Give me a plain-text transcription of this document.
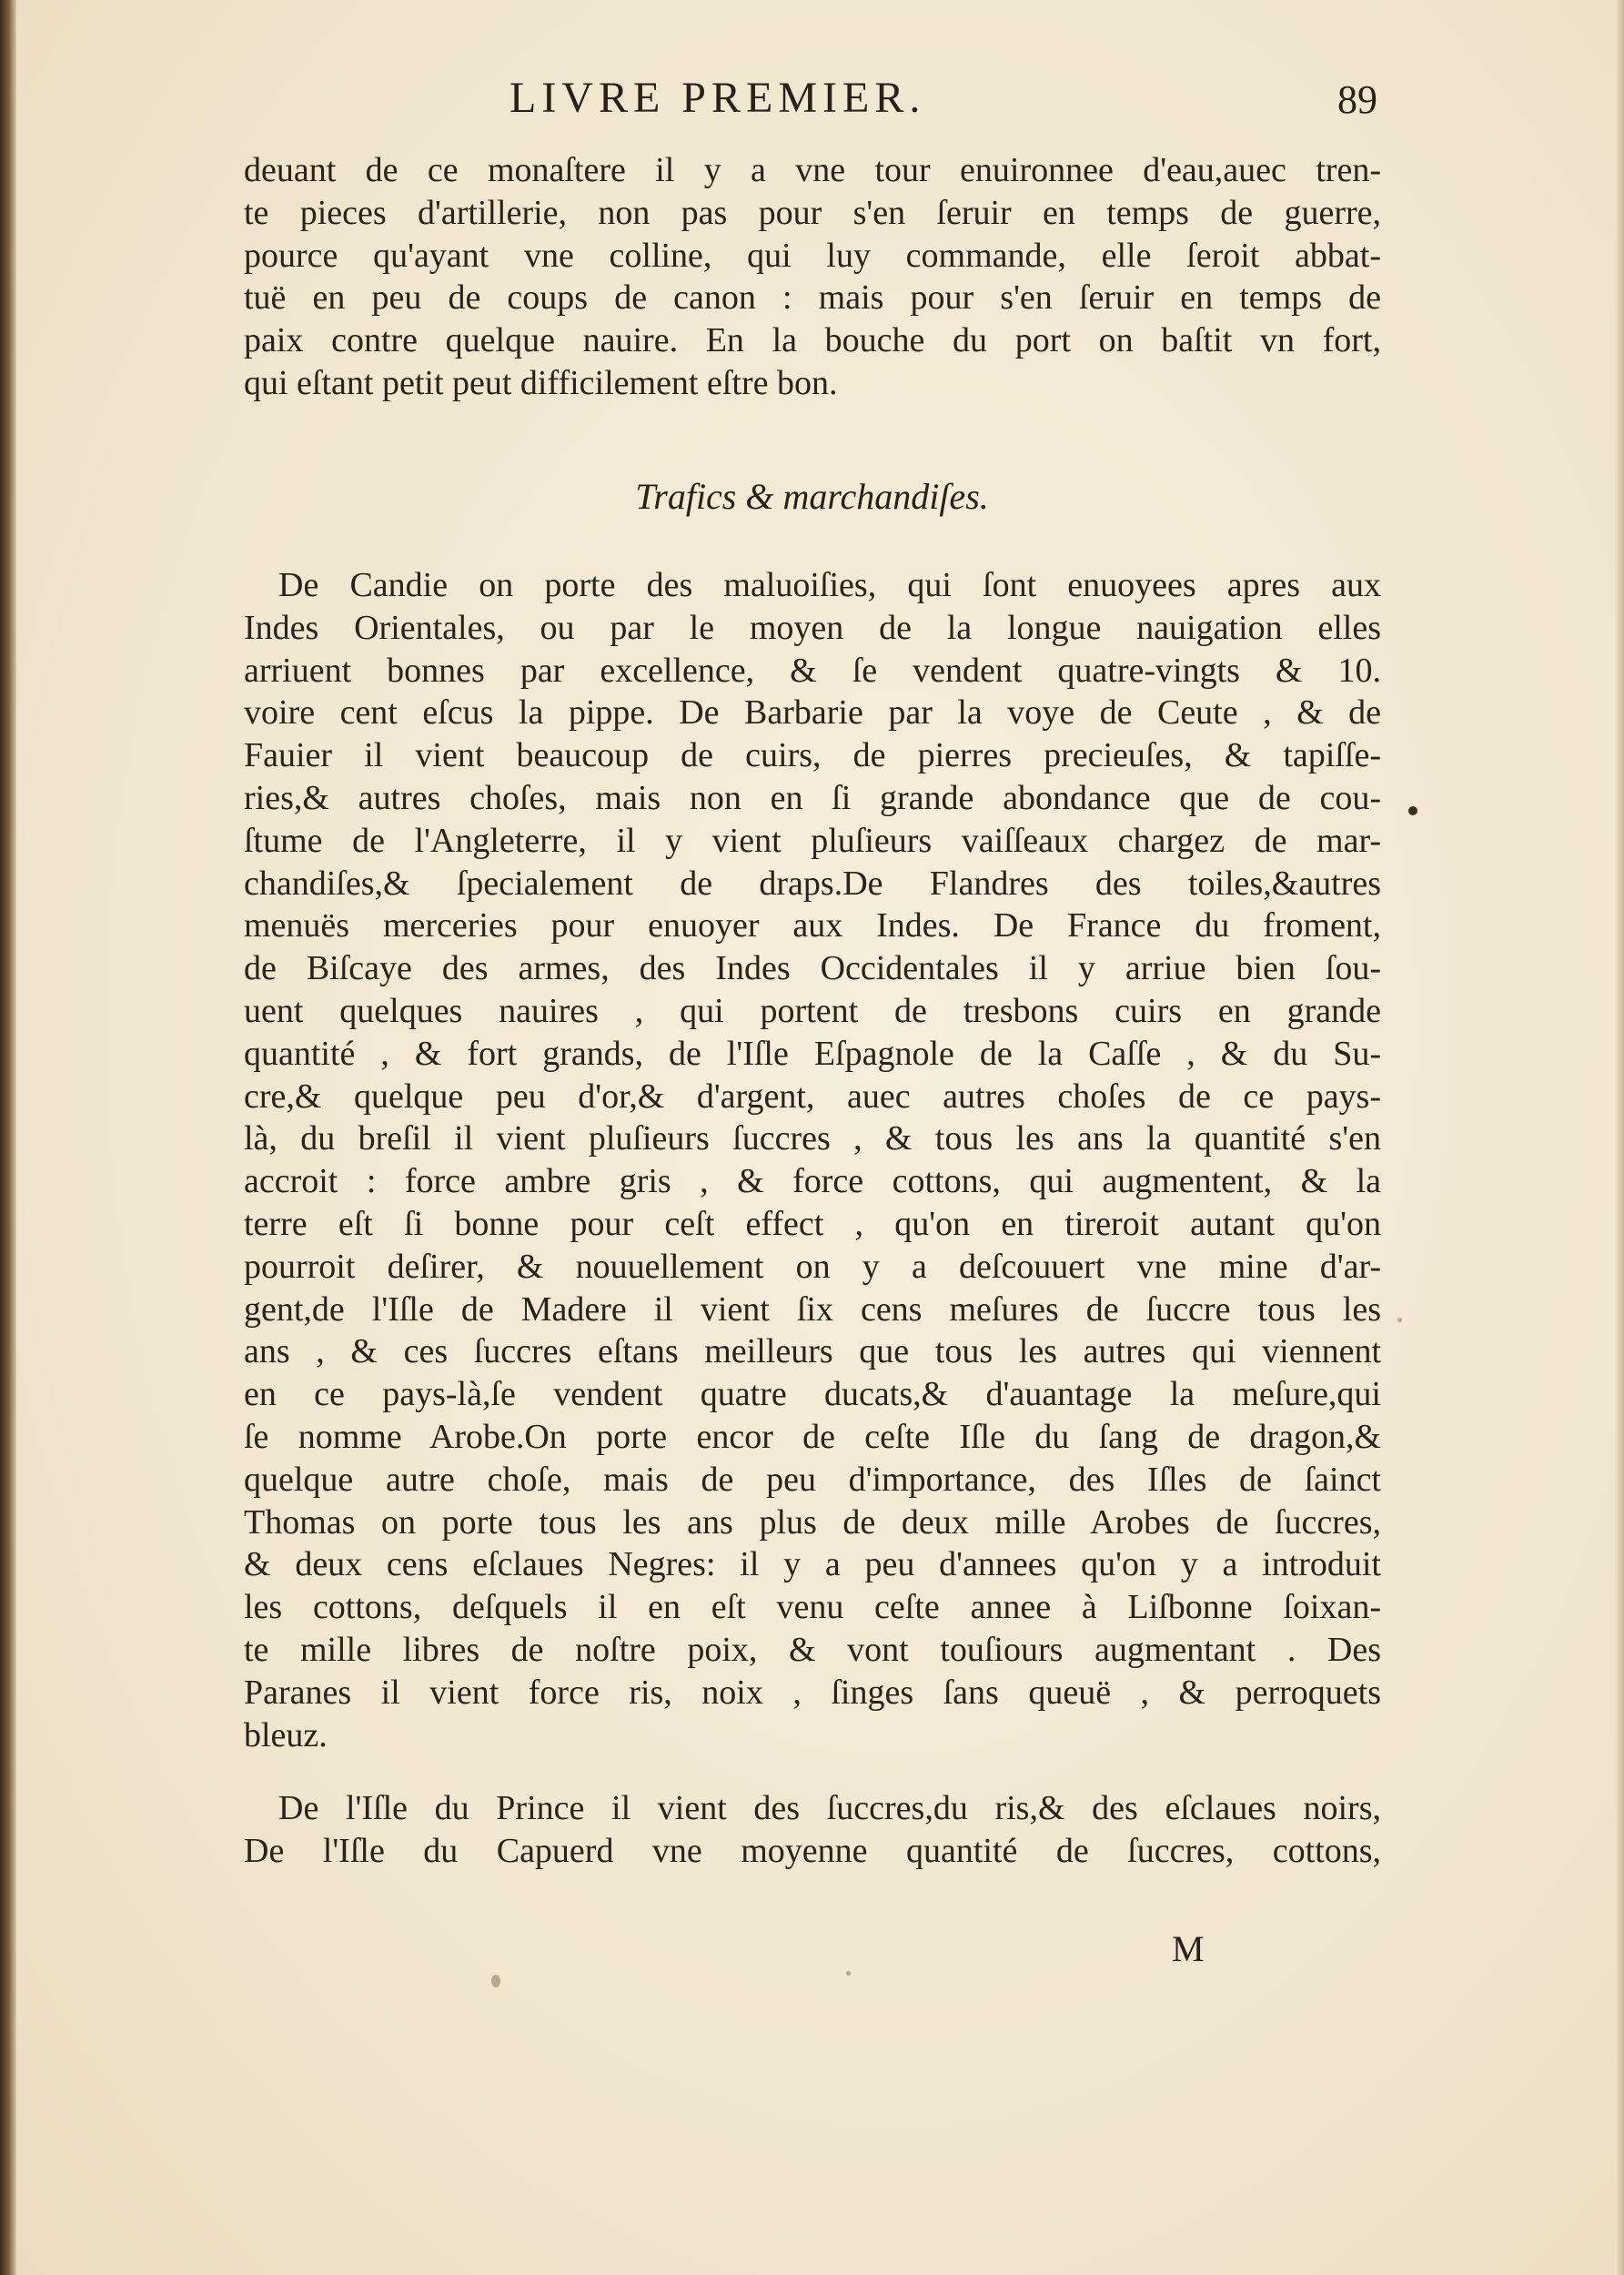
LIVRE PREMIER.	89
deuant de ce monaſtere il y a vne tour enuironnee d'eau,auec tren-
te pieces d'artillerie, non pas pour s'en ſeruir en temps de guerre,
pource qu'ayant vne colline, qui luy commande, elle ſeroit abbat-
tuë en peu de coups de canon : mais pour s'en ſeruir en temps de
paix contre quelque nauire. En la bouche du port on baſtit vn fort,
qui eſtant petit peut difficilement eſtre bon.
Trafics & marchandiſes.
De Candie on porte des maluoiſies, qui ſont enuoyees apres aux
Indes Orientales, ou par le moyen de la longue nauigation elles
arriuent bonnes par excellence, & ſe vendent quatre-vingts & 10.
voire cent eſcus la pippe. De Barbarie par la voye de Ceute , & de
Fauier il vient beaucoup de cuirs, de pierres precieuſes, & tapiſſe-
ries,& autres choſes, mais non en ſi grande abondance que de cou-
ſtume de l'Angleterre, il y vient pluſieurs vaiſſeaux chargez de mar-
chandiſes,& ſpecialement de draps.De Flandres des toiles,&autres
menuës merceries pour enuoyer aux Indes. De France du froment,
de Biſcaye des armes, des Indes Occidentales il y arriue bien ſou-
uent quelques nauires , qui portent de tresbons cuirs en grande
quantité , & fort grands, de l'Iſle Eſpagnole de la Caſſe , & du Su-
cre,& quelque peu d'or,& d'argent, auec autres choſes de ce pays-
là, du breſil il vient pluſieurs ſuccres , & tous les ans la quantité s'en
accroit : force ambre gris , & force cottons, qui augmentent, & la
terre eſt ſi bonne pour ceſt effect , qu'on en tireroit autant qu'on
pourroit deſirer, & nouuellement on y a deſcouuert vne mine d'ar-
gent,de l'Iſle de Madere il vient ſix cens meſures de ſuccre tous les
ans , & ces ſuccres eſtans meilleurs que tous les autres qui viennent
en ce pays-là,ſe vendent quatre ducats,& d'auantage la meſure,qui
ſe nomme Arobe.On porte encor de ceſte Iſle du ſang de dragon,&
quelque autre choſe, mais de peu d'importance, des Iſles de ſainct
Thomas on porte tous les ans plus de deux mille Arobes de ſuccres,
& deux cens eſclaues Negres: il y a peu d'annees qu'on y a introduit
les cottons, deſquels il en eſt venu ceſte annee à Liſbonne ſoixan-
te mille libres de noſtre poix, & vont touſiours augmentant . Des
Paranes il vient force ris, noix , ſinges ſans queuë , & perroquets
bleuz.
De l'Iſle du Prince il vient des ſuccres,du ris,& des eſclaues noirs,
De l'Iſle du Capuerd vne moyenne quantité de ſuccres, cottons,
M
